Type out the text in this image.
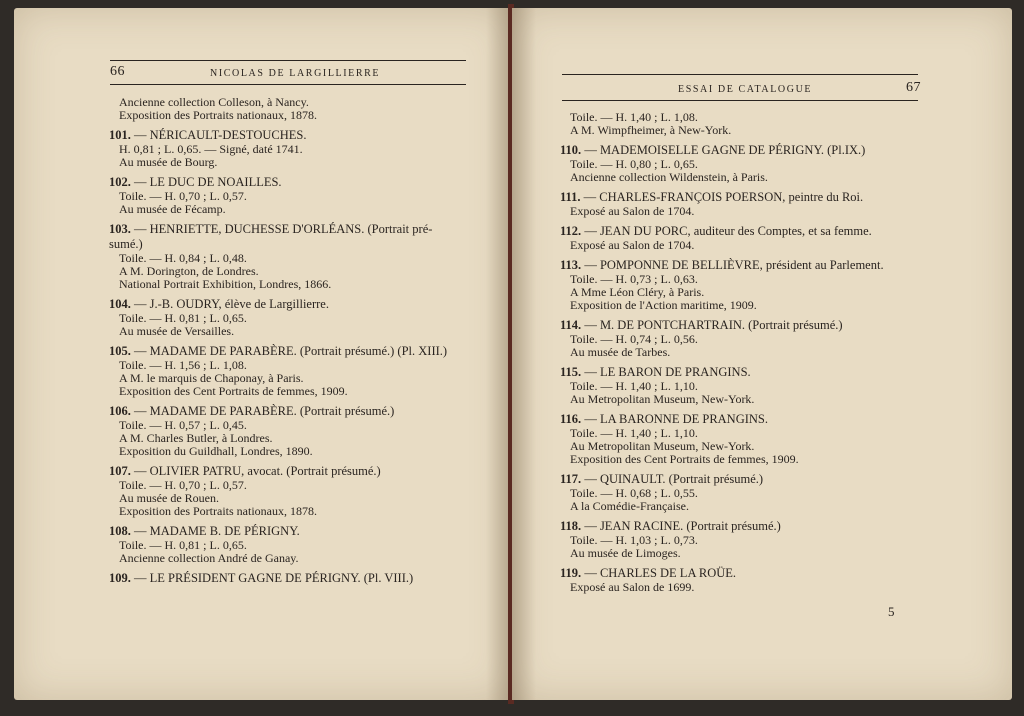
66	NICOLAS DE LARGILLIERRE
Ancienne collection Colleson, à Nancy.
Exposition des Portraits nationaux, 1878.
101. — NÉRICAULT-DESTOUCHES.
H. 0,81 ; L. 0,65. — Signé, daté 1741.
Au musée de Bourg.
102. — LE DUC DE NOAILLES.
Toile. — H. 0,70 ; L. 0,57.
Au musée de Fécamp.
103. — HENRIETTE, DUCHESSE D'ORLÉANS. (Portrait pré-
sumé.)
Toile. — H. 0,84 ; L. 0,48.
A M. Dorington, de Londres.
National Portrait Exhibition, Londres, 1866.
104. — J.-B. OUDRY, élève de Largillierre.
Toile. — H. 0,81 ; L. 0,65.
Au musée de Versailles.
105. — MADAME DE PARABÈRE. (Portrait présumé.) (Pl. XIII.)
Toile. — H. 1,56 ; L. 1,08.
A M. le marquis de Chaponay, à Paris.
Exposition des Cent Portraits de femmes, 1909.
106. — MADAME DE PARABÈRE. (Portrait présumé.)
Toile. — H. 0,57 ; L. 0,45.
A M. Charles Butler, à Londres.
Exposition du Guildhall, Londres, 1890.
107. — OLIVIER PATRU, avocat. (Portrait présumé.)
Toile. — H. 0,70 ; L. 0,57.
Au musée de Rouen.
Exposition des Portraits nationaux, 1878.
108. — MADAME B. DE PÉRIGNY.
Toile. — H. 0,81 ; L. 0,65.
Ancienne collection André de Ganay.
109. — LE PRÉSIDENT GAGNE DE PÉRIGNY. (Pl. VIII.)
ESSAI DE CATALOGUE	67
Toile. — H. 1,40 ; L. 1,08.
A M. Wimpfheimer, à New-York.
110. — MADEMOISELLE GAGNE DE PÉRIGNY. (Pl.IX.)
Toile. — H. 0,80 ; L. 0,65.
Ancienne collection Wildenstein, à Paris.
111. — CHARLES-FRANÇOIS POERSON, peintre du Roi.
Exposé au Salon de 1704.
112. — JEAN DU PORC, auditeur des Comptes, et sa femme.
Exposé au Salon de 1704.
113. — POMPONNE DE BELLIÈVRE, président au Parlement.
Toile. — H. 0,73 ; L. 0,63.
A Mme Léon Cléry, à Paris.
Exposition de l'Action maritime, 1909.
114. — M. DE PONTCHARTRAIN. (Portrait présumé.)
Toile. — H. 0,74 ; L. 0,56.
Au musée de Tarbes.
115. — LE BARON DE PRANGINS.
Toile. — H. 1,40 ; L. 1,10.
Au Metropolitan Museum, New-York.
116. — LA BARONNE DE PRANGINS.
Toile. — H. 1,40 ; L. 1,10.
Au Metropolitan Museum, New-York.
Exposition des Cent Portraits de femmes, 1909.
117. — QUINAULT. (Portrait présumé.)
Toile. — H. 0,68 ; L. 0,55.
A la Comédie-Française.
118. — JEAN RACINE. (Portrait présumé.)
Toile. — H. 1,03 ; L. 0,73.
Au musée de Limoges.
119. — CHARLES DE LA ROÜE.
Exposé au Salon de 1699.
5
